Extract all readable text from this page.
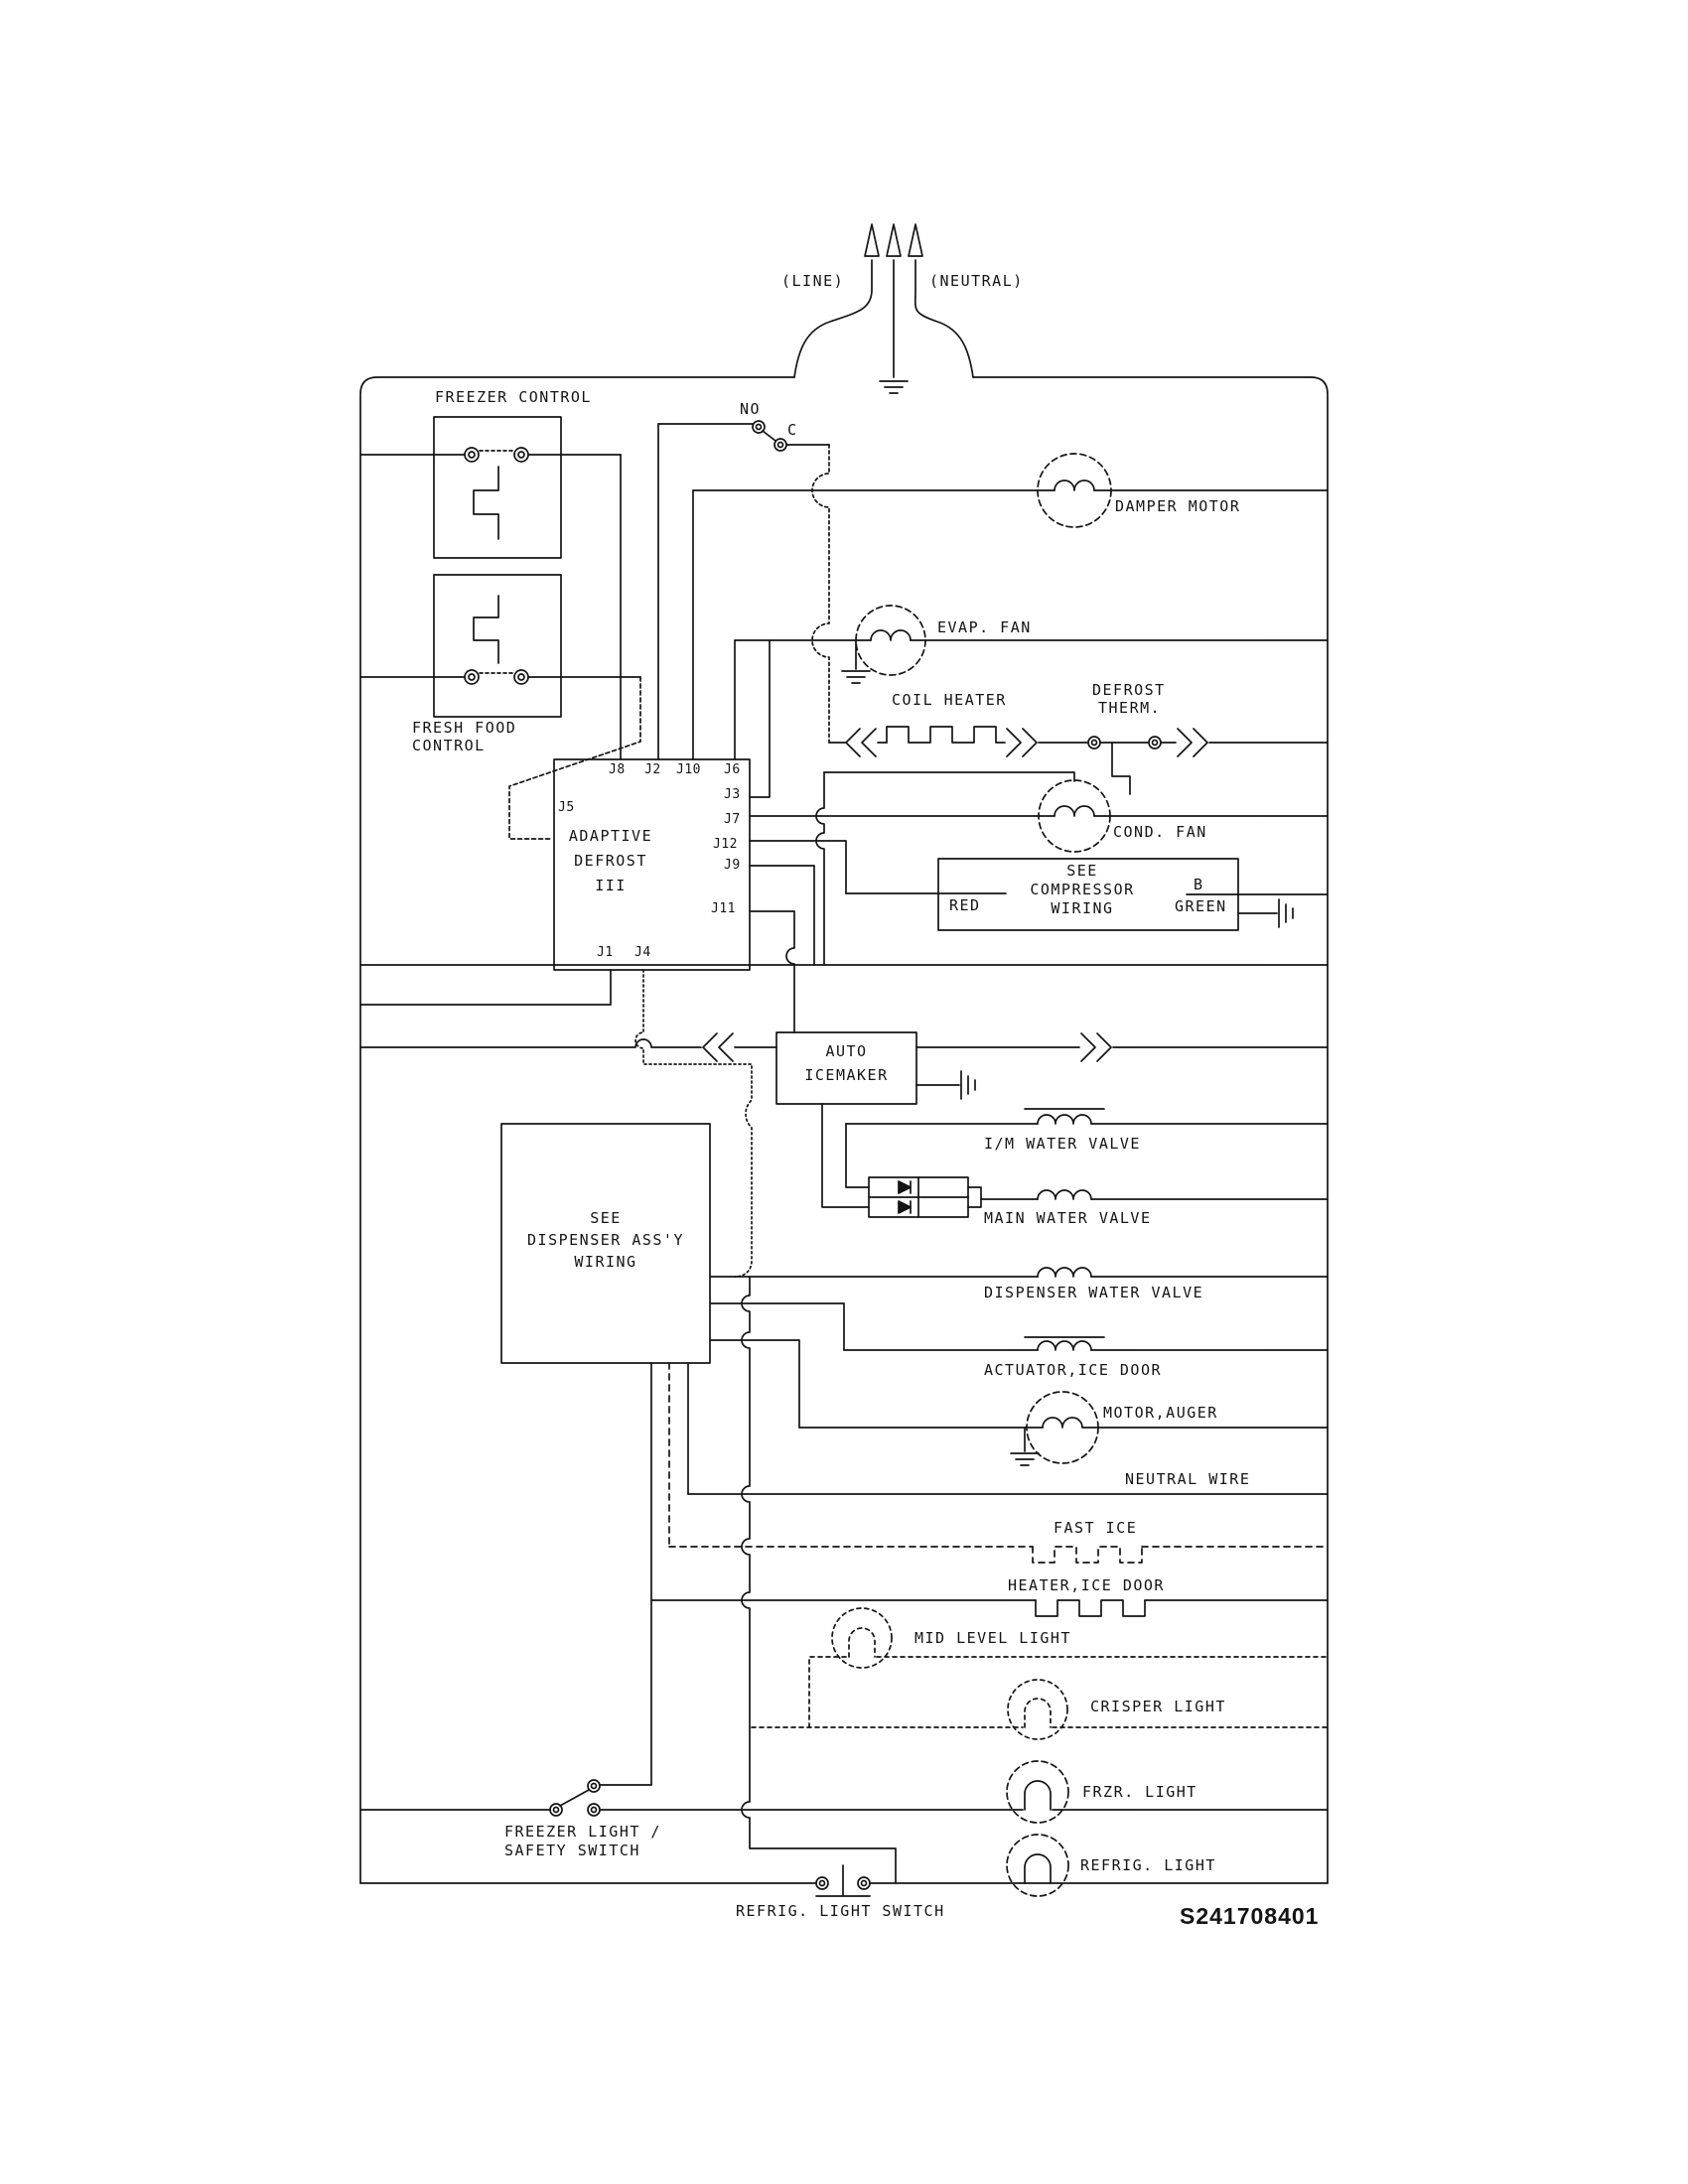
(LINE)	(NEUTRAL)
FREEZER CONTROL
NO
C
DAMPER MOTOR
EVAP. FAN
COIL HEATER
DEFROST
THERM.
FRESH FOOD
CONTROL
COND. FAN
SEE
COMPRESSOR
WIRING
RED
B
GREEN
ADAPTIVE
DEFROST
III
J8 J2 J10 J6
J3
J7
J12
J9
J11
J5
J1 J4
AUTO
ICEMAKER
SEE
DISPENSER ASS'Y
WIRING
I/M WATER VALVE
MAIN WATER VALVE
DISPENSER WATER VALVE
ACTUATOR,ICE DOOR
MOTOR,AUGER
NEUTRAL WIRE
FAST ICE
HEATER,ICE DOOR
MID LEVEL LIGHT
CRISPER LIGHT
FRZR. LIGHT
REFRIG. LIGHT
FREEZER LIGHT /
SAFETY SWITCH
REFRIG. LIGHT SWITCH	S241708401
